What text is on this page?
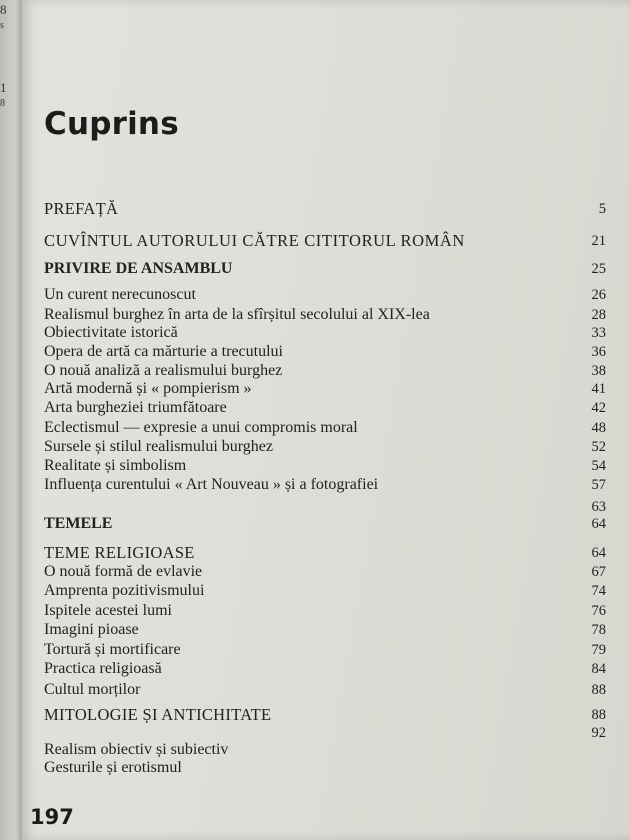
8
s
1
8
Cuprins
PREFAȚĂ	5
CUVÎNTUL AUTORULUI CĂTRE CITITORUL ROMÂN	21
PRIVIRE DE ANSAMBLU	25
Un curent nerecunoscut	26
Realismul burghez în arta de la sfîrșitul secolului al XIX-lea	28
Obiectivitate istorică	33
Opera de artă ca mărturie a trecutului	36
O nouă analiză a realismului burghez	38
Artă modernă și « pompierism »	41
Arta burgheziei triumfătoare	42
Eclectismul — expresie a unui compromis moral	48
Sursele și stilul realismului burghez	52
Realitate și simbolism	54
Influența curentului « Art Nouveau » și a fotografiei	57
63
TEMELE	64
TEME RELIGIOASE	64
O nouă formă de evlavie	67
Amprenta pozitivismului	74
Ispitele acestei lumi	76
Imagini pioase	78
Tortură și mortificare	79
Practica religioasă	84
Cultul morților	88
MITOLOGIE ȘI ANTICHITATE	88
92
Realism obiectiv și subiectiv
Gesturile și erotismul
197
